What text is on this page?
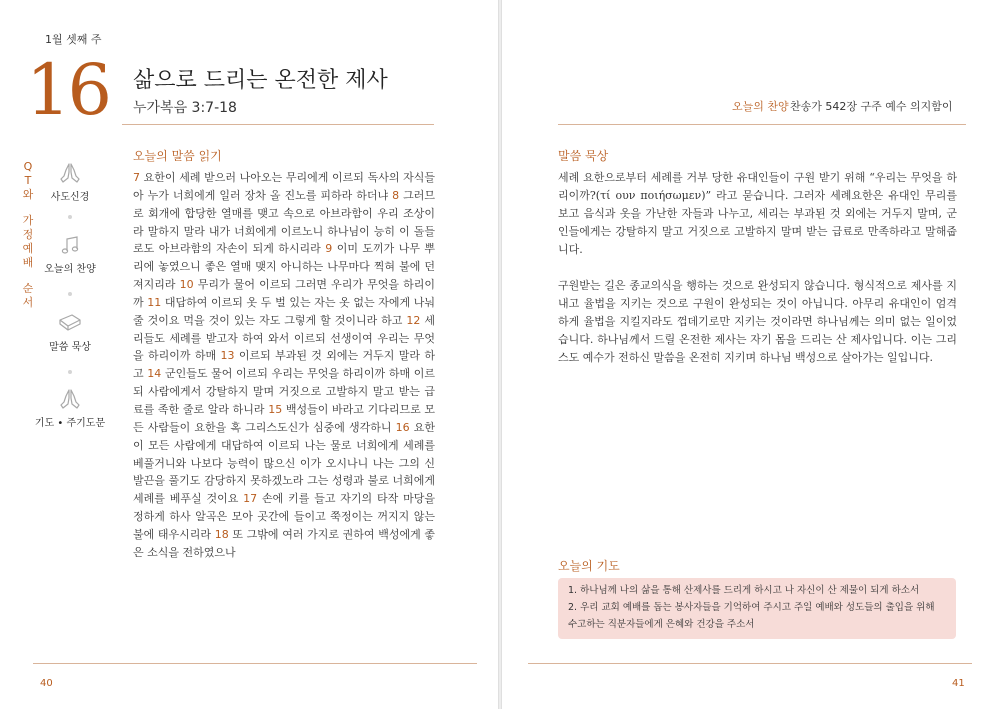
1월 셋째 주
16 삶으로 드리는 온전한 제사
누가복음 3:7-18
Q
T
와
가
정
예
배
순
서
사도신경
오늘의 찬양
말씀 묵상
기도 • 주기도문
오늘의 말씀 읽기

7 요한이 세례 받으러 나아오는 무리에게 이르되 독사의 자식들아 누가 너희에게 일러 장차 올 진노를 피하라 하더냐 8 그러므로 회개에 합당한 열매를 맺고 속으로 아브라함이 우리 조상이라 말하지 말라 내가 너희에게 이르노니 하나님이 능히 이 돌들로도 아브라함의 자손이 되게 하시리라 9 이미 도끼가 나무 뿌리에 놓였으니 좋은 열매 맺지 아니하는 나무마다 찍혀 불에 던져지리라 10 무리가 물어 이르되 그러면 우리가 무엇을 하리이까 11 대답하여 이르되 옷 두 벌 있는 자는 옷 없는 자에게 나눠 줄 것이요 먹을 것이 있는 자도 그렇게 할 것이니라 하고 12 세리들도 세례를 받고자 하여 와서 이르되 선생이여 우리는 무엇을 하리이까 하매 13 이르되 부과된 것 외에는 거두지 말라 하고 14 군인들도 물어 이르되 우리는 무엇을 하리이까 하매 이르되 사람에게서 강탈하지 말며 거짓으로 고발하지 말고 받는 급료를 족한 줄로 알라 하니라 15 백성들이 바라고 기다리므로 모든 사람들이 요한을 혹 그리스도신가 심중에 생각하니 16 요한이 모든 사람에게 대답하여 이르되 나는 물로 너희에게 세례를 베풀거니와 나보다 능력이 많으신 이가 오시나니 나는 그의 신발끈을 풀기도 감당하지 못하겠노라 그는 성령과 불로 너희에게 세례를 베푸실 것이요 17 손에 키를 들고 자기의 타작 마당을 정하게 하사 알곡은 모아 곳간에 들이고 쭉정이는 꺼지지 않는 불에 태우시리라 18 또 그밖에 여러 가지로 권하여 백성에게 좋은 소식을 전하였으나

40
오늘의 찬양 찬송가 542장 구주 예수 의지함이
말씀 묵상

세례 요한으로부터 세례를 거부 당한 유대인들이 구원 받기 위해 “우리는 무엇을 하리이까?(τί ουν ποιήσωμεν)” 라고 묻습니다. 그러자 세례요한은 유대인 무리를 보고 음식과 옷을 가난한 자들과 나누고, 세리는 부과된 것 외에는 거두지 말며, 군인들에게는 강탈하지 말고 거짓으로 고발하지 말며 받는 급료로 만족하라고 말해줍니다.

구원받는 길은 종교의식을 행하는 것으로 완성되지 않습니다. 형식적으로 제사를 지내고 율법을 지키는 것으로 구원이 완성되는 것이 아닙니다. 아무리 유대인이 엄격하게 율법을 지킬지라도 껍데기로만 지키는 것이라면 하나님께는 의미 없는 일이었습니다. 하나님께서 드릴 온전한 제사는 자기 몸을 드리는 산 제사입니다. 이는 그리스도 예수가 전하신 말씀을 온전히 지키며 하나님 백성으로 살아가는 일입니다.

오늘의 기도
1. 하나님께 나의 삶을 통해 산제사를 드리게 하시고 나 자신이 산 제물이 되게 하소서
2. 우리 교회 예배를 돕는 봉사자들을 기억하여 주시고 주일 예배와 성도들의 출입을 위해 수고하는 직분자들에게 은혜와 건강을 주소서
41
